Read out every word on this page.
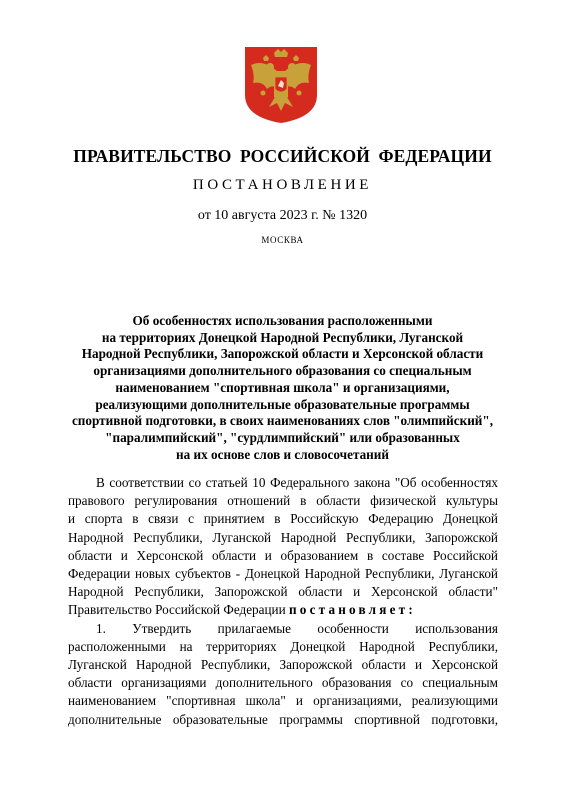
ПРАВИТЕЛЬСТВО РОССИЙСКОЙ ФЕДЕРАЦИИ
ПОСТАНОВЛЕНИЕ
от 10 августа 2023 г. № 1320
МОСКВА
Об особенностях использования расположенными
на территориях Донецкой Народной Республики, Луганской
Народной Республики, Запорожской области и Херсонской области
организациями дополнительного образования со специальным
наименованием "спортивная школа" и организациями,
реализующими дополнительные образовательные программы
спортивной подготовки, в своих наименованиях слов "олимпийский",
"паралимпийский", "сурдлимпийский" или образованных
на их основе слов и словосочетаний
В соответствии со статьей 10 Федерального закона "Об особенностях
правового регулирования отношений в области физической культуры
и спорта в связи с принятием в Российскую Федерацию Донецкой
Народной Республики, Луганской Народной Республики, Запорожской
области и Херсонской области и образованием в составе Российской
Федерации новых субъектов - Донецкой Народной Республики, Луганской
Народной Республики, Запорожской области и Херсонской области"
Правительство Российской Федерации постановляет:
1. Утвердить прилагаемые особенности использования
расположенными на территориях Донецкой Народной Республики,
Луганской Народной Республики, Запорожской области и Херсонской
области организациями дополнительного образования со специальным
наименованием "спортивная школа" и организациями, реализующими
дополнительные образовательные программы спортивной подготовки,
